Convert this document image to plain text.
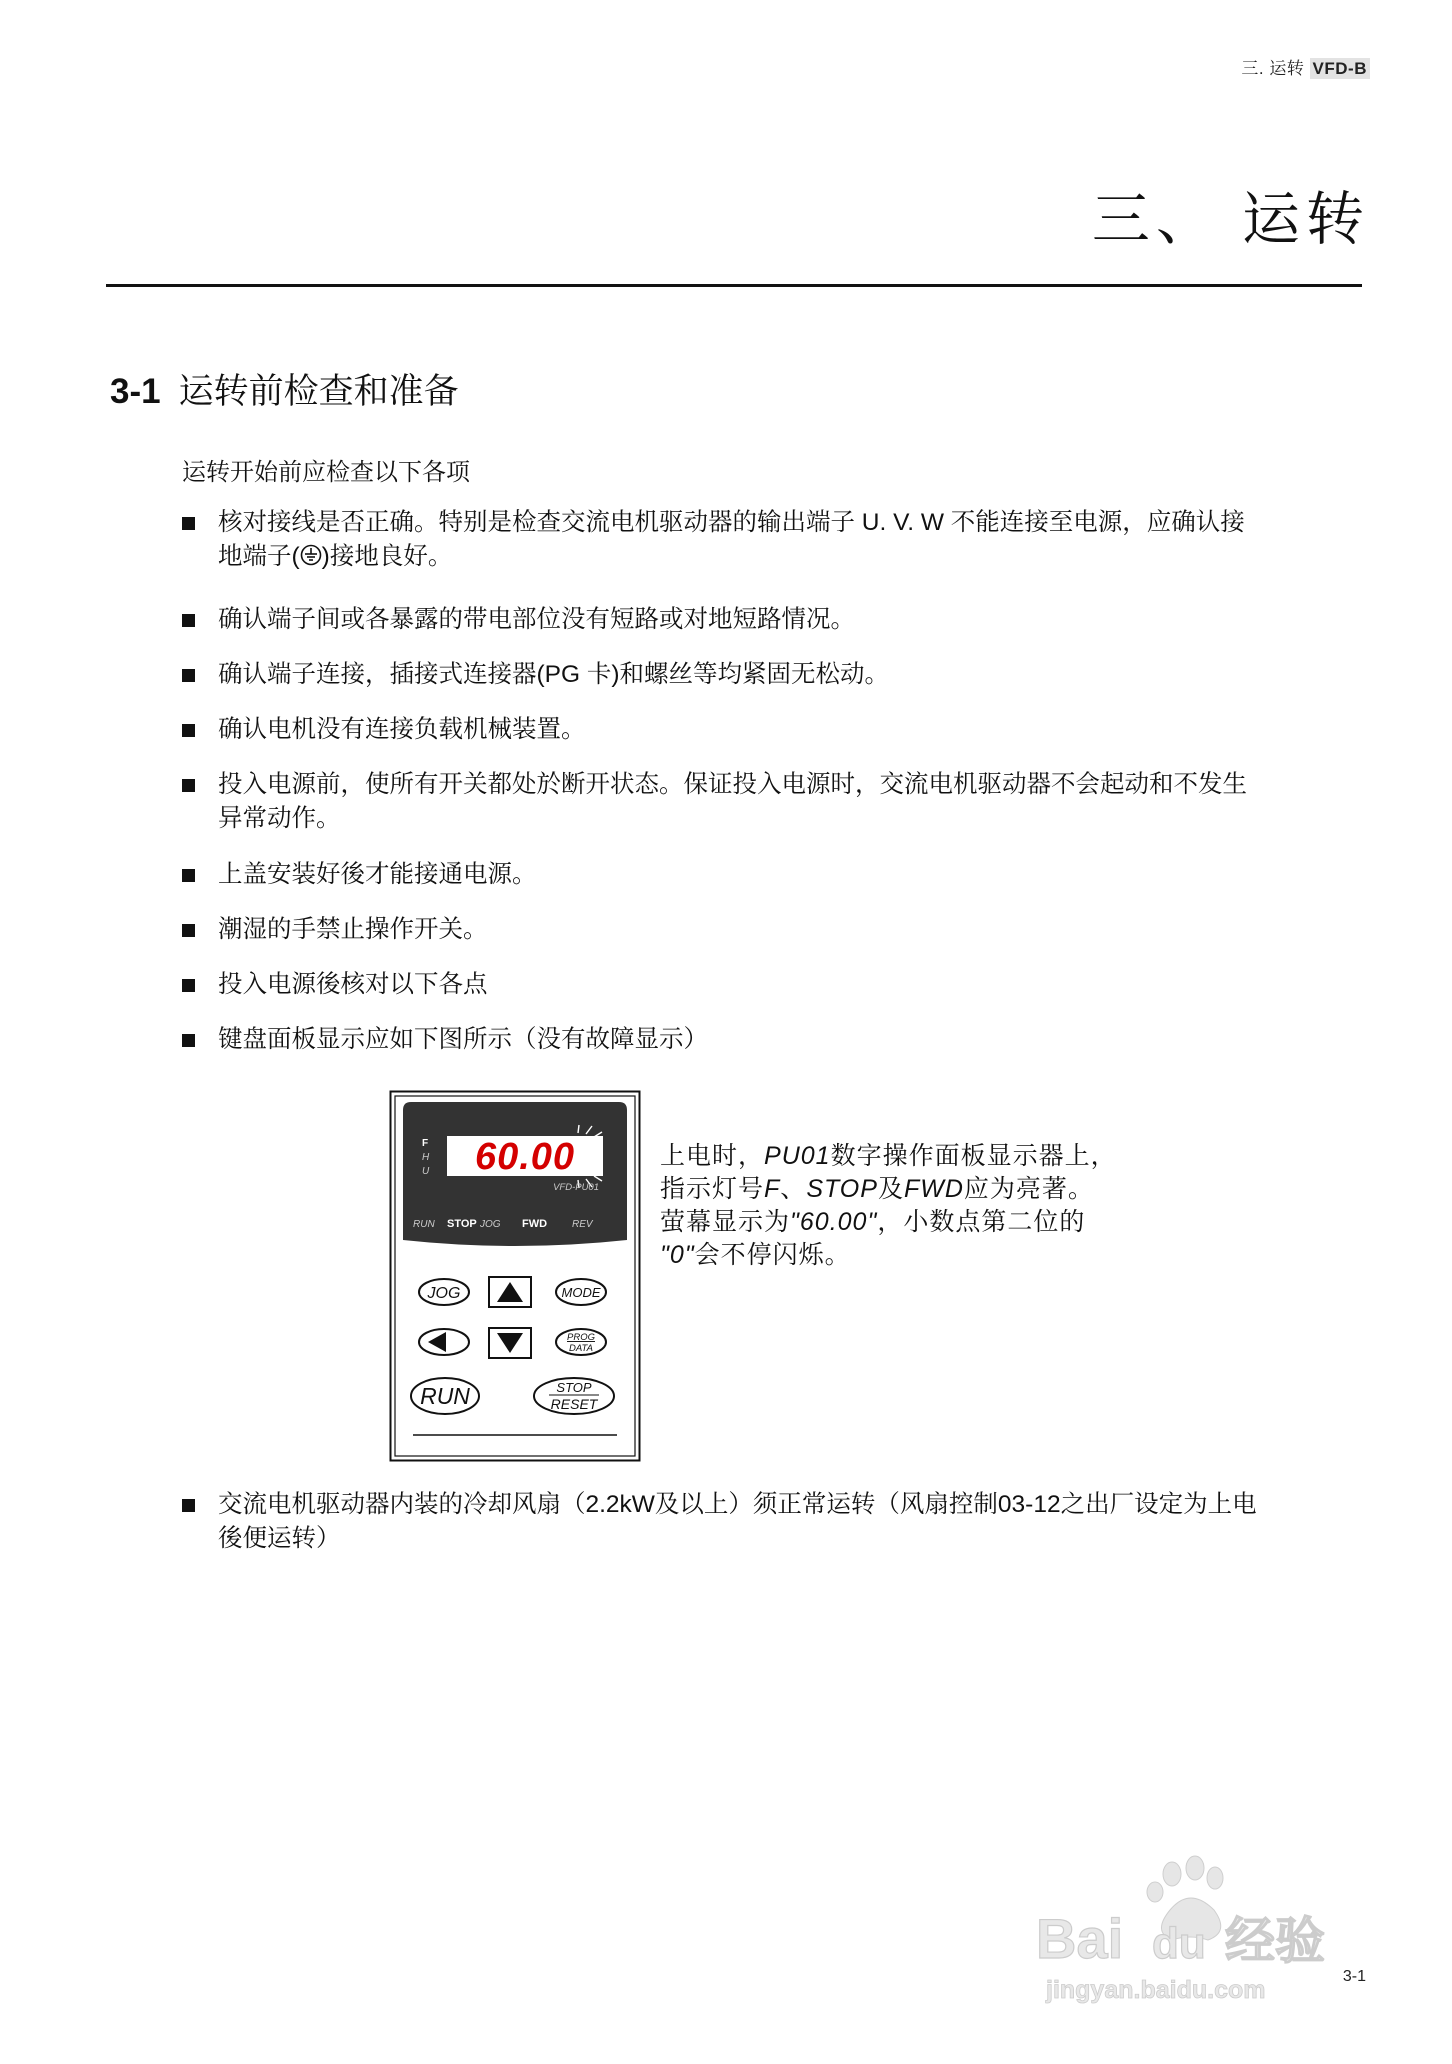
三. 运转 VFD-B
三、 运转
3-1 运转前检查和准备
运转开始前应检查以下各项
核对接线是否正确。特别是检查交流电机驱动器的输出端子 U. V. W 不能连接至电源，应确认接
地端子( )接地良好。
确认端子间或各暴露的带电部位没有短路或对地短路情况。
确认端子连接，插接式连接器(PG 卡)和螺丝等均紧固无松动。
确认电机没有连接负载机械装置。
投入电源前，使所有开关都处於断开状态。保证投入电源时，交流电机驱动器不会起动和不发生
异常动作。
上盖安装好後才能接通电源。
潮湿的手禁止操作开关。
投入电源後核对以下各点
键盘面板显示应如下图所示（没有故障显示）
F
H
U 60.00
VFD-PU01
RUN STOP JOG FWD REV
JOG	MODE
PROG
DATA
RUN	STOP
RESET
上电时，PU01数字操作面板显示器上，
指示灯号F、STOP及FWD应为亮著。
萤幕显示为"60.00"，小数点第二位的
"0"会不停闪烁。
交流电机驱动器内装的冷却风扇（2.2kW及以上）须正常运转（风扇控制03-12之出厂设定为上电
後便运转）
Bai du 经验
jingyan.baidu.com	3-1
